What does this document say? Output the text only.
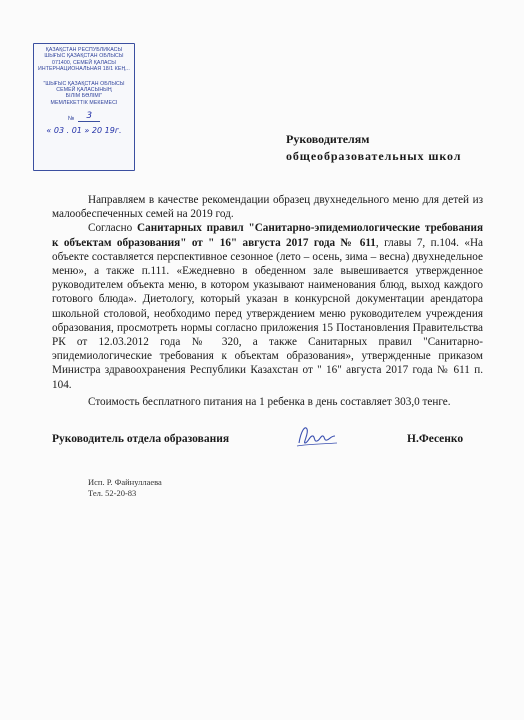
ҚАЗАҚСТАН РЕСПУБЛИКАСЫ
ШЫҒЫС ҚАЗАҚСТАН ОБЛЫСЫ
071400, СЕМЕЙ ҚАЛАСЫ
ИНТЕРНАЦИОНАЛЬНАЯ 18/1 КЕҢ...
"ШЫҒЫС ҚАЗАҚСТАН ОБЛЫСЫ
СЕМЕЙ ҚАЛАСЫНЫҢ
БІЛІМ БӨЛІМІ"
МЕМЛЕКЕТТІК МЕКЕМЕСІ
№	3
« 03 . 01 » 20 19г.
Руководителям
общеобразовательных школ

Направляем в качестве рекомендации образец двухнедельного меню для детей из малообеспеченных семей на 2019 год.

Согласно Санитарных правил "Санитарно-эпидемиологические требования к объектам образования" от " 16" августа 2017 года № 611, главы 7, п.104. «На объекте составляется перспективное сезонное (лето – осень, зима – весна) двухнедельное меню», а также п.111. «Ежедневно в обеденном зале вывешивается утвержденное руководителем объекта меню, в котором указывают наименования блюд, выход каждого готового блюда». Диетологу, который указан в конкурсной документации арендатора школьной столовой, необходимо перед утверждением меню руководителем учреждения образования, просмотреть нормы согласно приложения 15 Постановления Правительства РК от 12.03.2012 года № 320, а также Санитарных правил "Санитарно-эпидемиологические требования к объектам образования», утвержденные приказом Министра здравоохранения Республики Казахстан от " 16" августа 2017 года № 611 п. 104.

Стоимость бесплатного питания на 1 ребенка в день составляет 303,0 тенге.

Руководитель отдела образования	Н.Фесенко
Исп. Р. Файнуллаева
Тел. 52-20-83
